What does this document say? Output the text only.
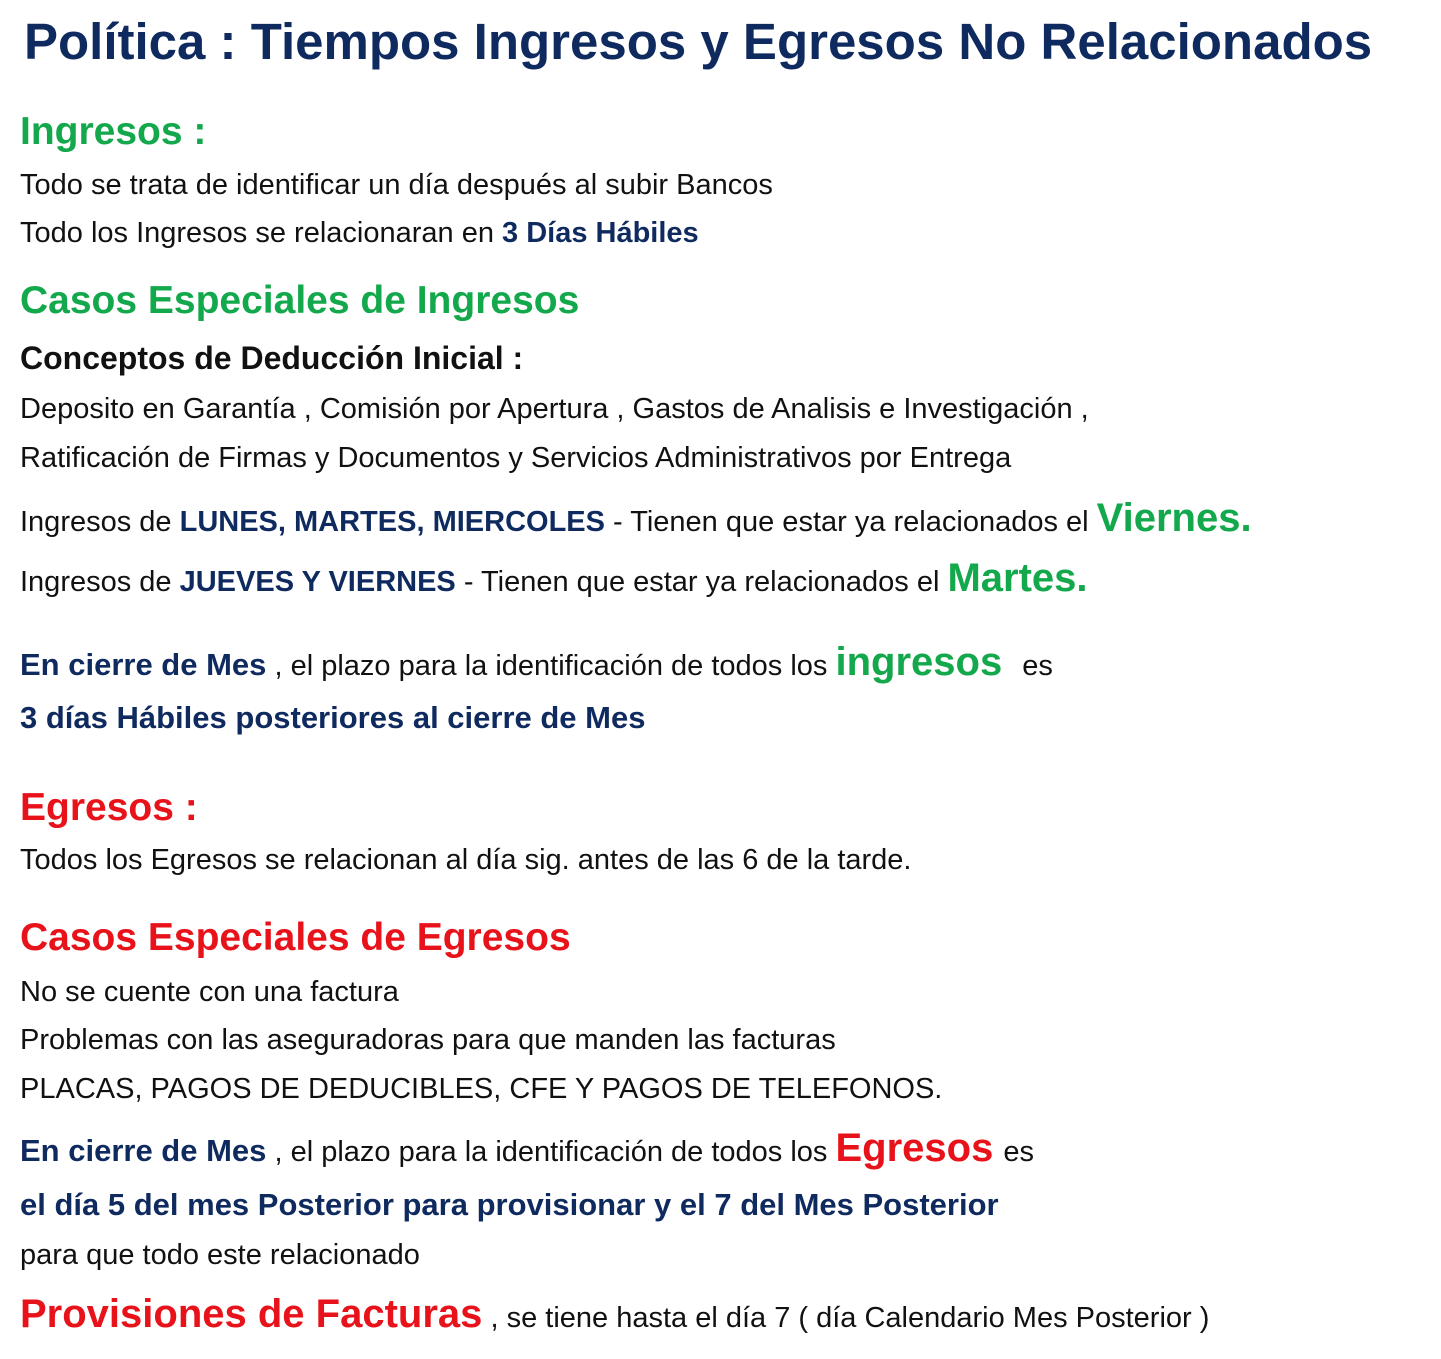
Política : Tiempos Ingresos y Egresos No Relacionados
Ingresos :
Todo se trata de identificar un día después al subir Bancos
Todo los Ingresos se relacionaran en 3 Días Hábiles
Casos Especiales de Ingresos
Conceptos de Deducción Inicial :
Deposito en Garantía , Comisión por Apertura , Gastos de Analisis e Investigación ,
Ratificación de Firmas y Documentos y Servicios Administrativos por Entrega
Ingresos de LUNES, MARTES, MIERCOLES - Tienen que estar ya relacionados el Viernes.
Ingresos de JUEVES Y VIERNES - Tienen que estar ya relacionados el Martes.
En cierre de Mes , el plazo para la identificación de todos los ingresos es
3 días Hábiles posteriores al cierre de Mes
Egresos :
Todos los Egresos se relacionan al día sig. antes de las 6 de la tarde.
Casos Especiales de Egresos
No se cuente con una factura
Problemas con las aseguradoras para que manden las facturas
PLACAS, PAGOS DE DEDUCIBLES, CFE Y PAGOS DE TELEFONOS.
En cierre de Mes , el plazo para la identificación de todos los Egresos es
el día 5 del mes Posterior para provisionar y el 7 del Mes Posterior
para que todo este relacionado
Provisiones de Facturas , se tiene hasta el día 7 ( día Calendario Mes Posterior )
